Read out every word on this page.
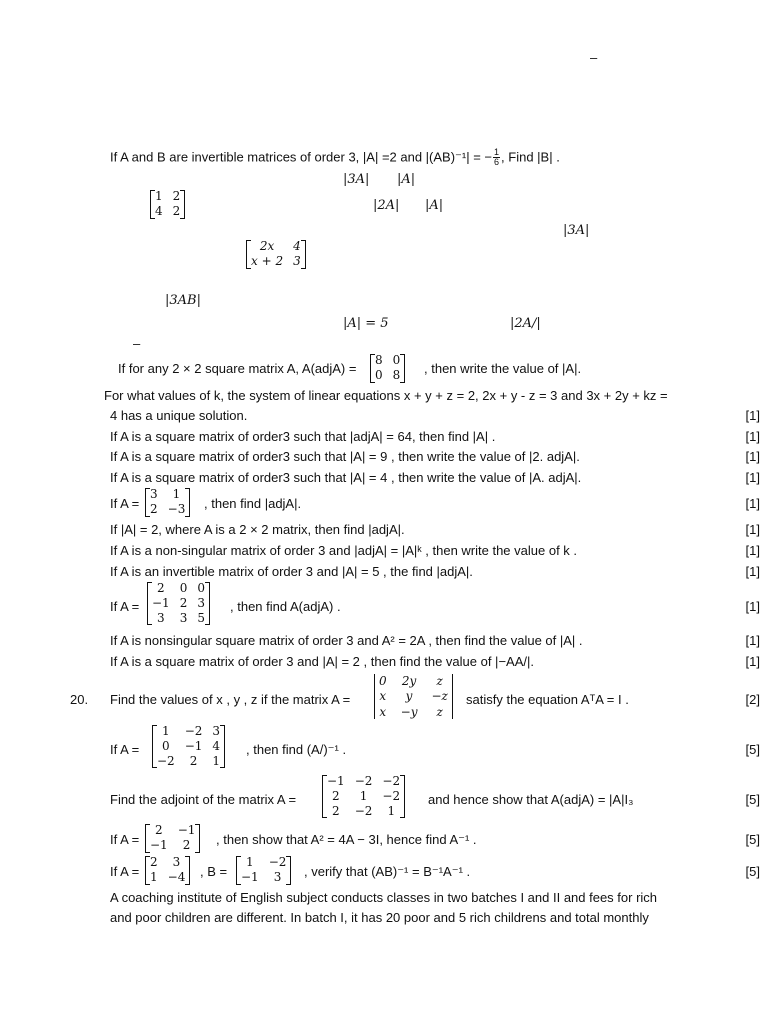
–
If A and B are invertible matrices of order 3, |A| =2 and |(AB)⁻¹| = − $\frac{1}{6}$ , Find |B| .
|3A| |A|
1 2
4 2	|2A| |A|
|3A|
2x	4
x + 2 3
|3AB|
|A| = 5	|2A/|
–
If for any 2 × 2 square matrix A, A(adjA) =
8 0
0 8 , then write the value of |A|.
For what values of k, the system of linear equations x + y + z = 2, 2x + y - z = 3 and 3x + 2y + kz =
4 has a unique solution.	[1]
If A is a square matrix of order3 such that |adjA| = 64, then find |A| .	[1]
If A is a square matrix of order3 such that |A| = 9 , then write the value of |2. adjA|.	[1]
If A is a square matrix of order3 such that |A| = 4 , then write the value of |A. adjA|.	[1]
If A =
3	1
2 −3 , then find |adjA|.	[1]
If |A| = 2, where A is a 2 × 2 matrix, then find |adjA|.	[1]
If A is a non-singular matrix of order 3 and |adjA| = |A|ᵏ , then write the value of k .	[1]
If A is an invertible matrix of order 3 and |A| = 5 , the find |adjA|.	[1]
If A =
2	0 0
−1 2 3
3	3 5
, then find A(adjA) .	[1]
If A is nonsingular square matrix of order 3 and A² = 2A , then find the value of |A| .	[1]
If A is a square matrix of order 3 and |A| = 2 , then find the value of |−AA/|.	[1]
20. Find the values of x , y , z if the matrix A =
0 2y	z
x	y	−z
x −y	z
satisfy the equation AᵀA = I .	[2]
If A =
1	−2 3
0	−1 4
−2	2	1
, then find (A/)⁻¹ .	[5]
Find the adjoint of the matrix A =
−1 −2 −2
2	1	−2
2	−2	1
and hence show that A(adjA) = |A|I₃	[5]
If A =
2	−1
−1	2	, then show that A² = 4A − 3I, hence find A⁻¹ .	[5]
If A =
2	3
1 −4 , B =
1	−2
−1	3	, verify that (AB)⁻¹ = B⁻¹A⁻¹ .	[5]
A coaching institute of English subject conducts classes in two batches I and II and fees for rich
and poor children are different. In batch I, it has 20 poor and 5 rich childrens and total monthly
